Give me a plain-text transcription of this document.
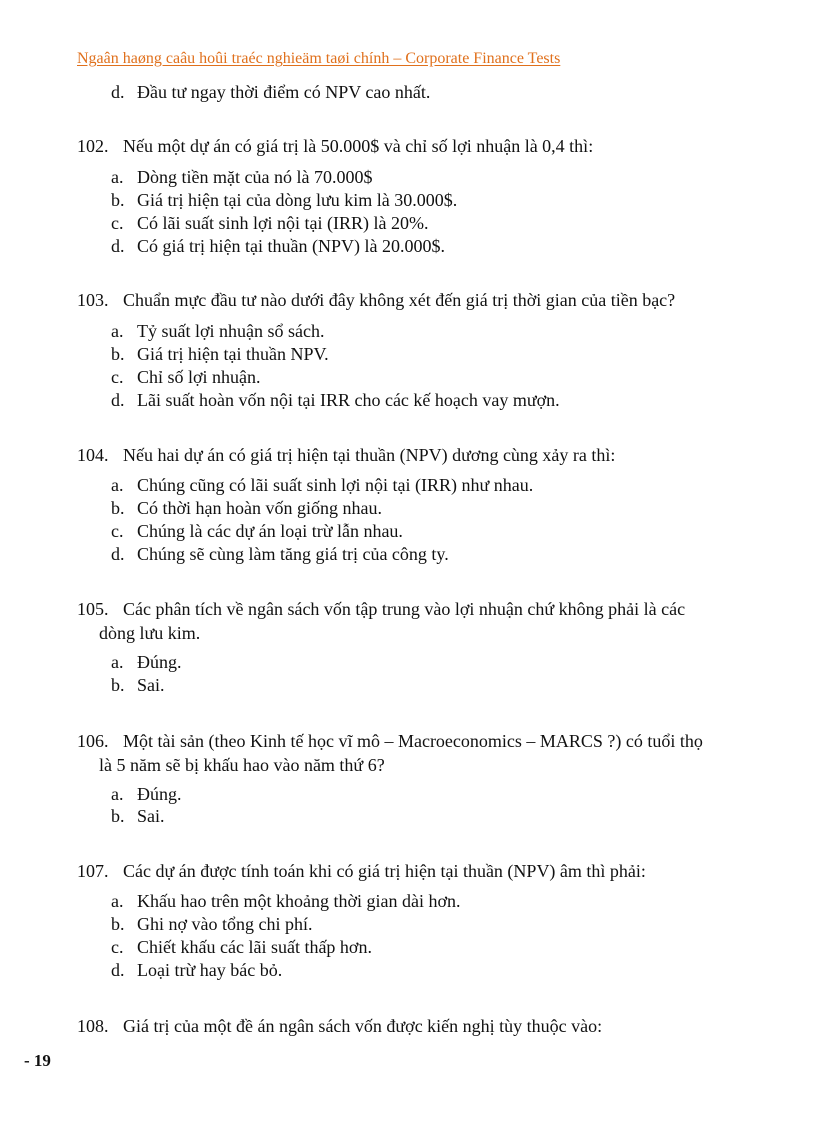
Ngaân haøng caâu hoûi traéc nghieäm taøi chính – Corporate Finance Tests
d. Đầu tư ngay thời điểm có NPV cao nhất.
102. Nếu một dự án có giá trị là 50.000$ và chỉ số lợi nhuận là 0,4 thì:
a. Dòng tiền mặt của nó là 70.000$
b. Giá trị hiện tại của dòng lưu kim là 30.000$.
c. Có lãi suất sinh lợi nội tại (IRR) là 20%.
d. Có giá trị hiện tại thuần (NPV) là 20.000$.
103. Chuẩn mực đầu tư nào dưới đây không xét đến giá trị thời gian của tiền bạc?
a. Tỷ suất lợi nhuận sổ sách.
b. Giá trị hiện tại thuần NPV.
c. Chỉ số lợi nhuận.
d. Lãi suất hoàn vốn nội tại IRR cho các kế hoạch vay mượn.
104. Nếu hai dự án có giá trị hiện tại thuần (NPV) dương cùng xảy ra thì:
a. Chúng cũng có lãi suất sinh lợi nội tại (IRR) như nhau.
b. Có thời hạn hoàn vốn giống nhau.
c. Chúng là các dự án loại trừ lẫn nhau.
d. Chúng sẽ cùng làm tăng giá trị của công ty.
105. Các phân tích về ngân sách vốn tập trung vào lợi nhuận chứ không phải là các
dòng lưu kim.
a. Đúng.
b. Sai.
106. Một tài sản (theo Kinh tế học vĩ mô – Macroeconomics – MARCS ?) có tuổi thọ
là 5 năm sẽ bị khấu hao vào năm thứ 6?
a. Đúng.
b. Sai.
107. Các dự án được tính toán khi có giá trị hiện tại thuần (NPV) âm thì phải:
a. Khấu hao trên một khoảng thời gian dài hơn.
b. Ghi nợ vào tổng chi phí.
c. Chiết khấu các lãi suất thấp hơn.
d. Loại trừ hay bác bỏ.
108. Giá trị của một đề án ngân sách vốn được kiến nghị tùy thuộc vào:
- 19
